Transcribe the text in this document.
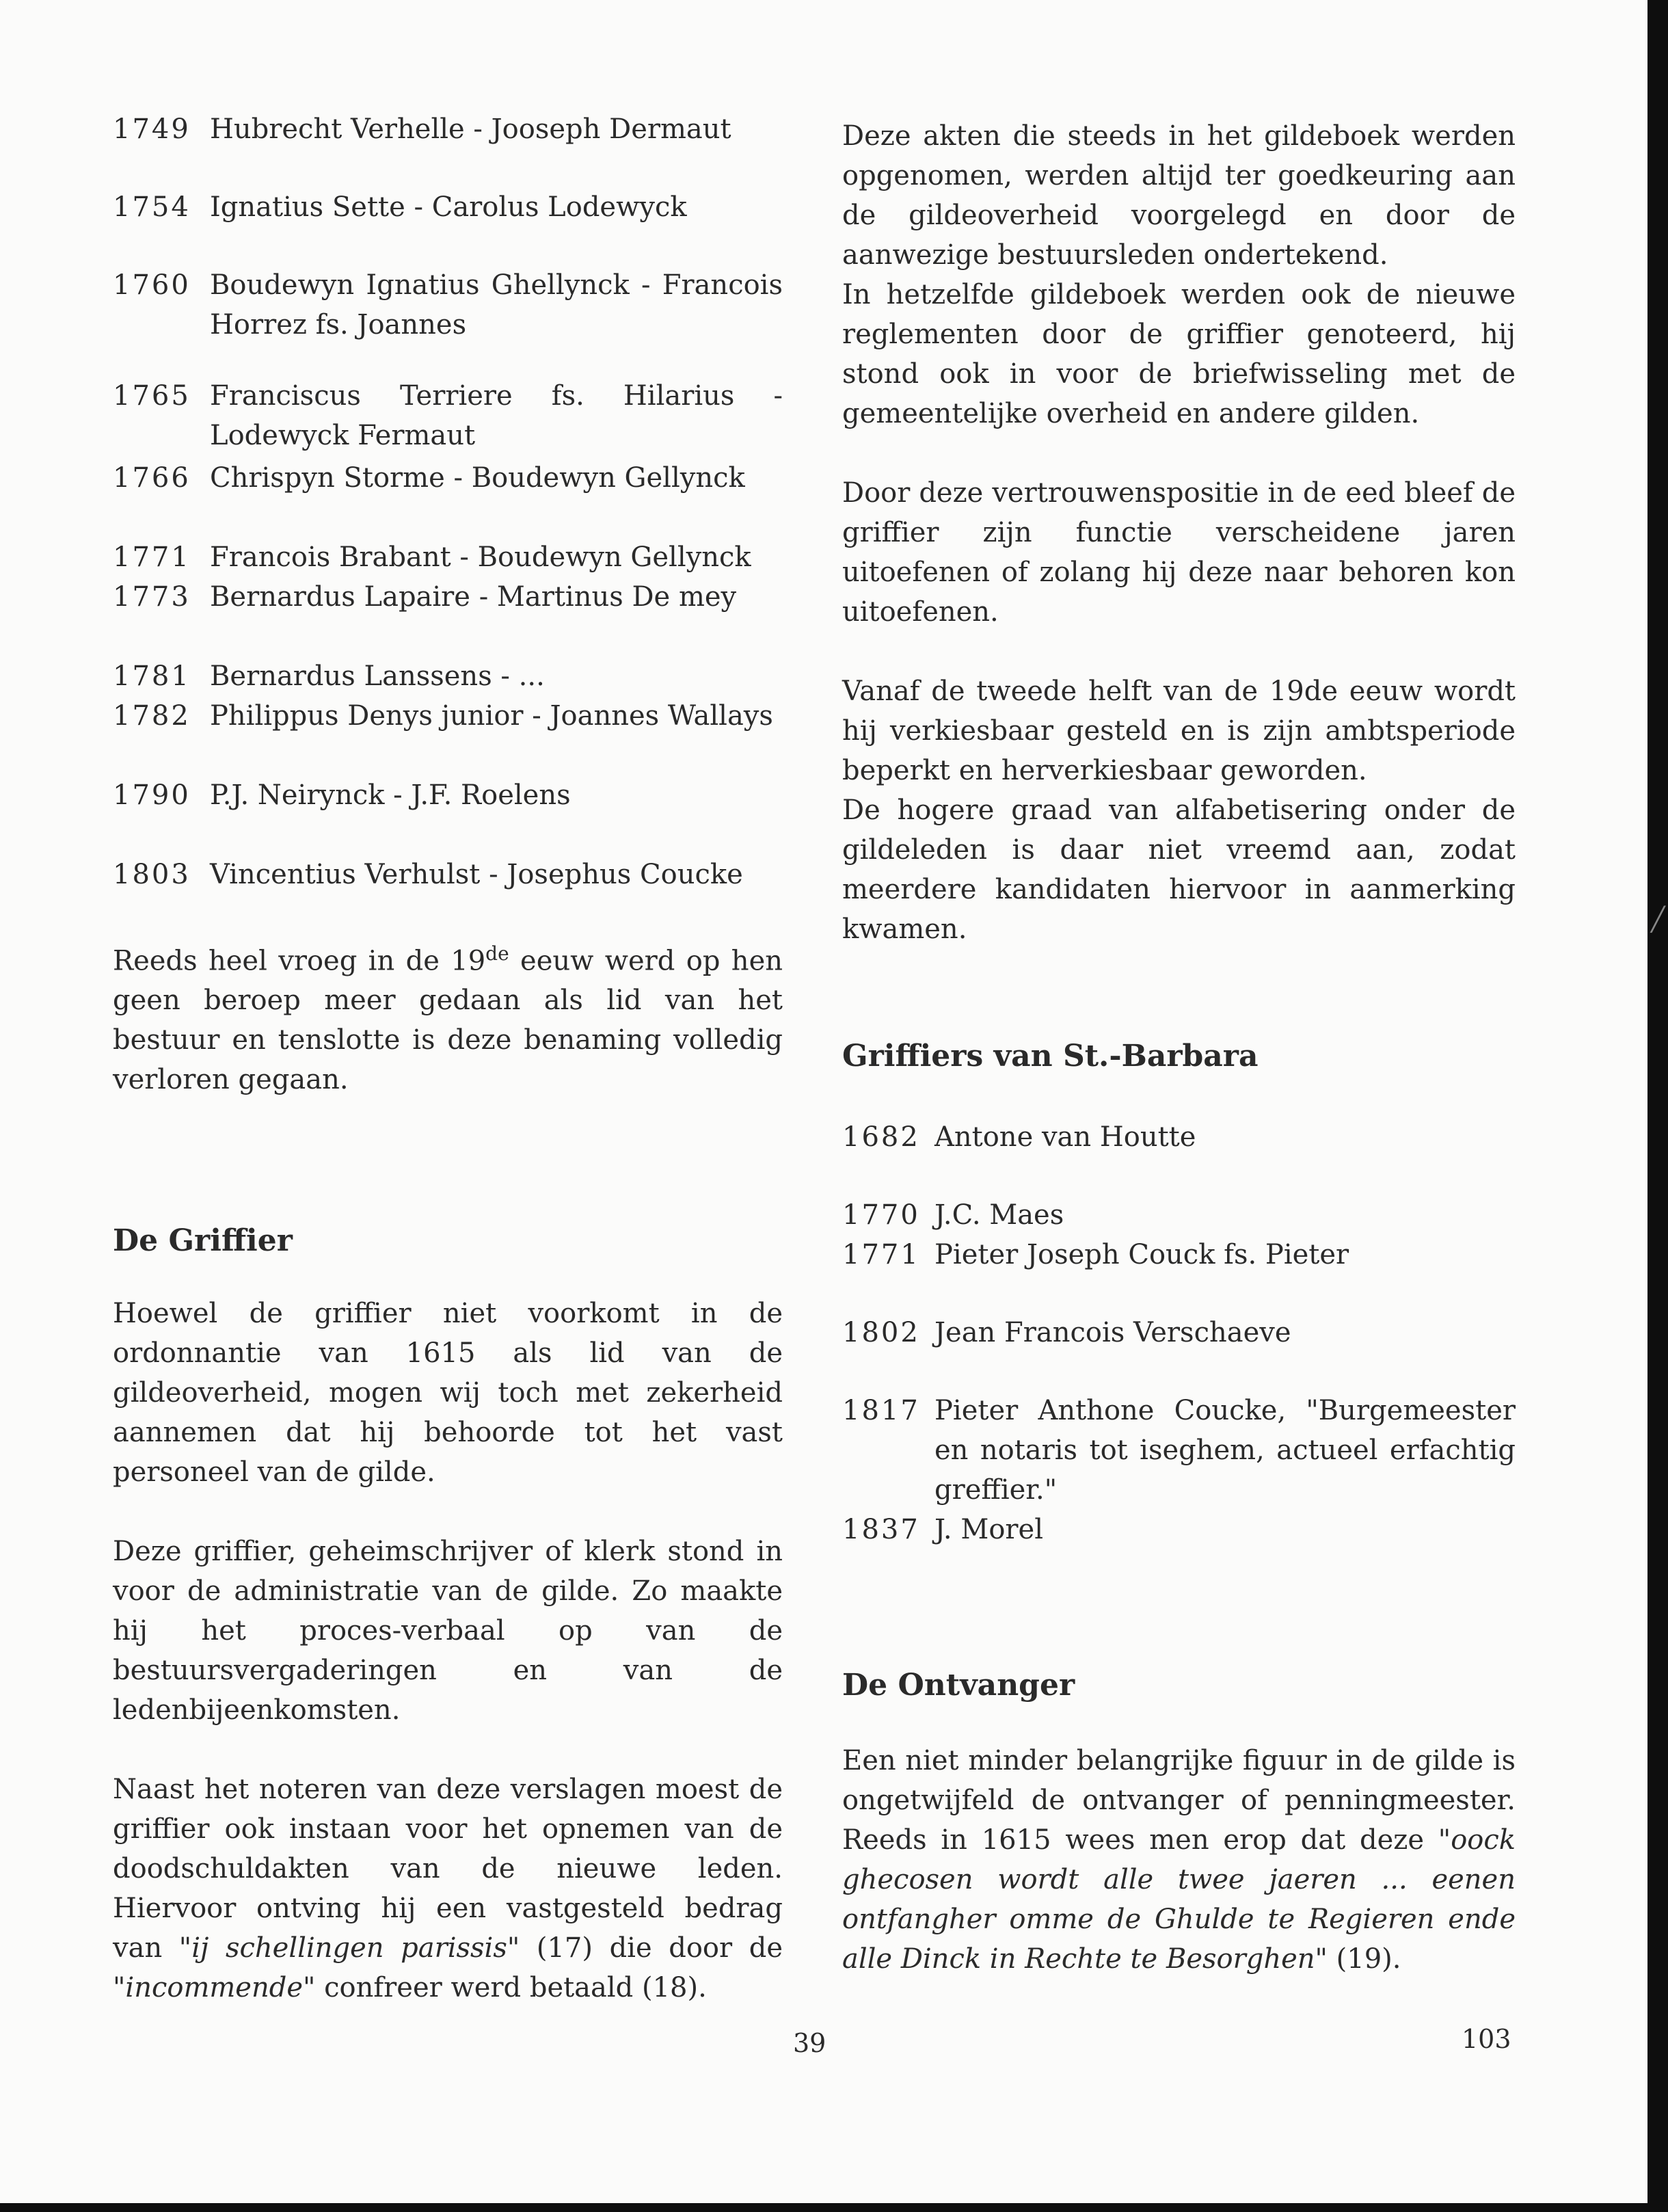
1749 Hubrecht Verhelle - Jooseph Dermaut
1754 Ignatius Sette - Carolus Lodewyck
1760 Boudewyn Ignatius Ghellynck - Francois Horrez fs. Joannes
1765 Franciscus Terriere fs. Hilarius - Lodewyck Fermaut
1766 Chrispyn Storme - Boudewyn Gellynck
1771 Francois Brabant - Boudewyn Gellynck
1773 Bernardus Lapaire - Martinus De mey
1781 Bernardus Lanssens - ...
1782 Philippus Denys junior - Joannes Wallays
1790 P.J. Neirynck - J.F. Roelens
1803 Vincentius Verhulst - Josephus Coucke

Reeds heel vroeg in de 19de eeuw werd op hen geen beroep meer gedaan als lid van het bestuur en tenslotte is deze benaming volledig verloren gegaan.

De Griffier

Hoewel de griffier niet voorkomt in de ordonnantie van 1615 als lid van de gildeoverheid, mogen wij toch met zekerheid aannemen dat hij behoorde tot het vast personeel van de gilde.

Deze griffier, geheimschrijver of klerk stond in voor de administratie van de gilde. Zo maakte hij het proces-verbaal op van de bestuursvergaderingen en van de ledenbijeenkomsten.

Naast het noteren van deze verslagen moest de griffier ook instaan voor het opnemen van de doodschuldakten van de nieuwe leden. Hiervoor ontving hij een vastgesteld bedrag van "ij schellingen parissis" (17) die door de "incommende" confreer werd betaald (18).

Deze akten die steeds in het gildeboek werden opgenomen, werden altijd ter goedkeuring aan de gildeoverheid voorgelegd en door de aanwezige bestuursleden ondertekend.

In hetzelfde gildeboek werden ook de nieuwe reglementen door de griffier genoteerd, hij stond ook in voor de briefwisseling met de gemeentelijke overheid en andere gilden.

Door deze vertrouwenspositie in de eed bleef de griffier zijn functie verscheidene jaren uitoefenen of zolang hij deze naar behoren kon uitoefenen.

Vanaf de tweede helft van de 19de eeuw wordt hij verkiesbaar gesteld en is zijn ambtsperiode beperkt en herverkiesbaar geworden.

De hogere graad van alfabetisering onder de gildeleden is daar niet vreemd aan, zodat meerdere kandidaten hiervoor in aanmerking kwamen.

Griffiers van St.-Barbara
1682 Antone van Houtte
1770 J.C. Maes
1771 Pieter Joseph Couck fs. Pieter
1802 Jean Francois Verschaeve
1817 Pieter Anthone Coucke, "Burgemeester en notaris tot iseghem, actueel erfachtig greffier."
1837 J. Morel
De Ontvanger

Een niet minder belangrijke figuur in de gilde is ongetwijfeld de ontvanger of penningmeester. Reeds in 1615 wees men erop dat deze "oock ghecosen wordt alle twee jaeren ... eenen ontfangher omme de Ghulde te Regieren ende alle Dinck in Rechte te Besorghen" (19).

39	103
╱
